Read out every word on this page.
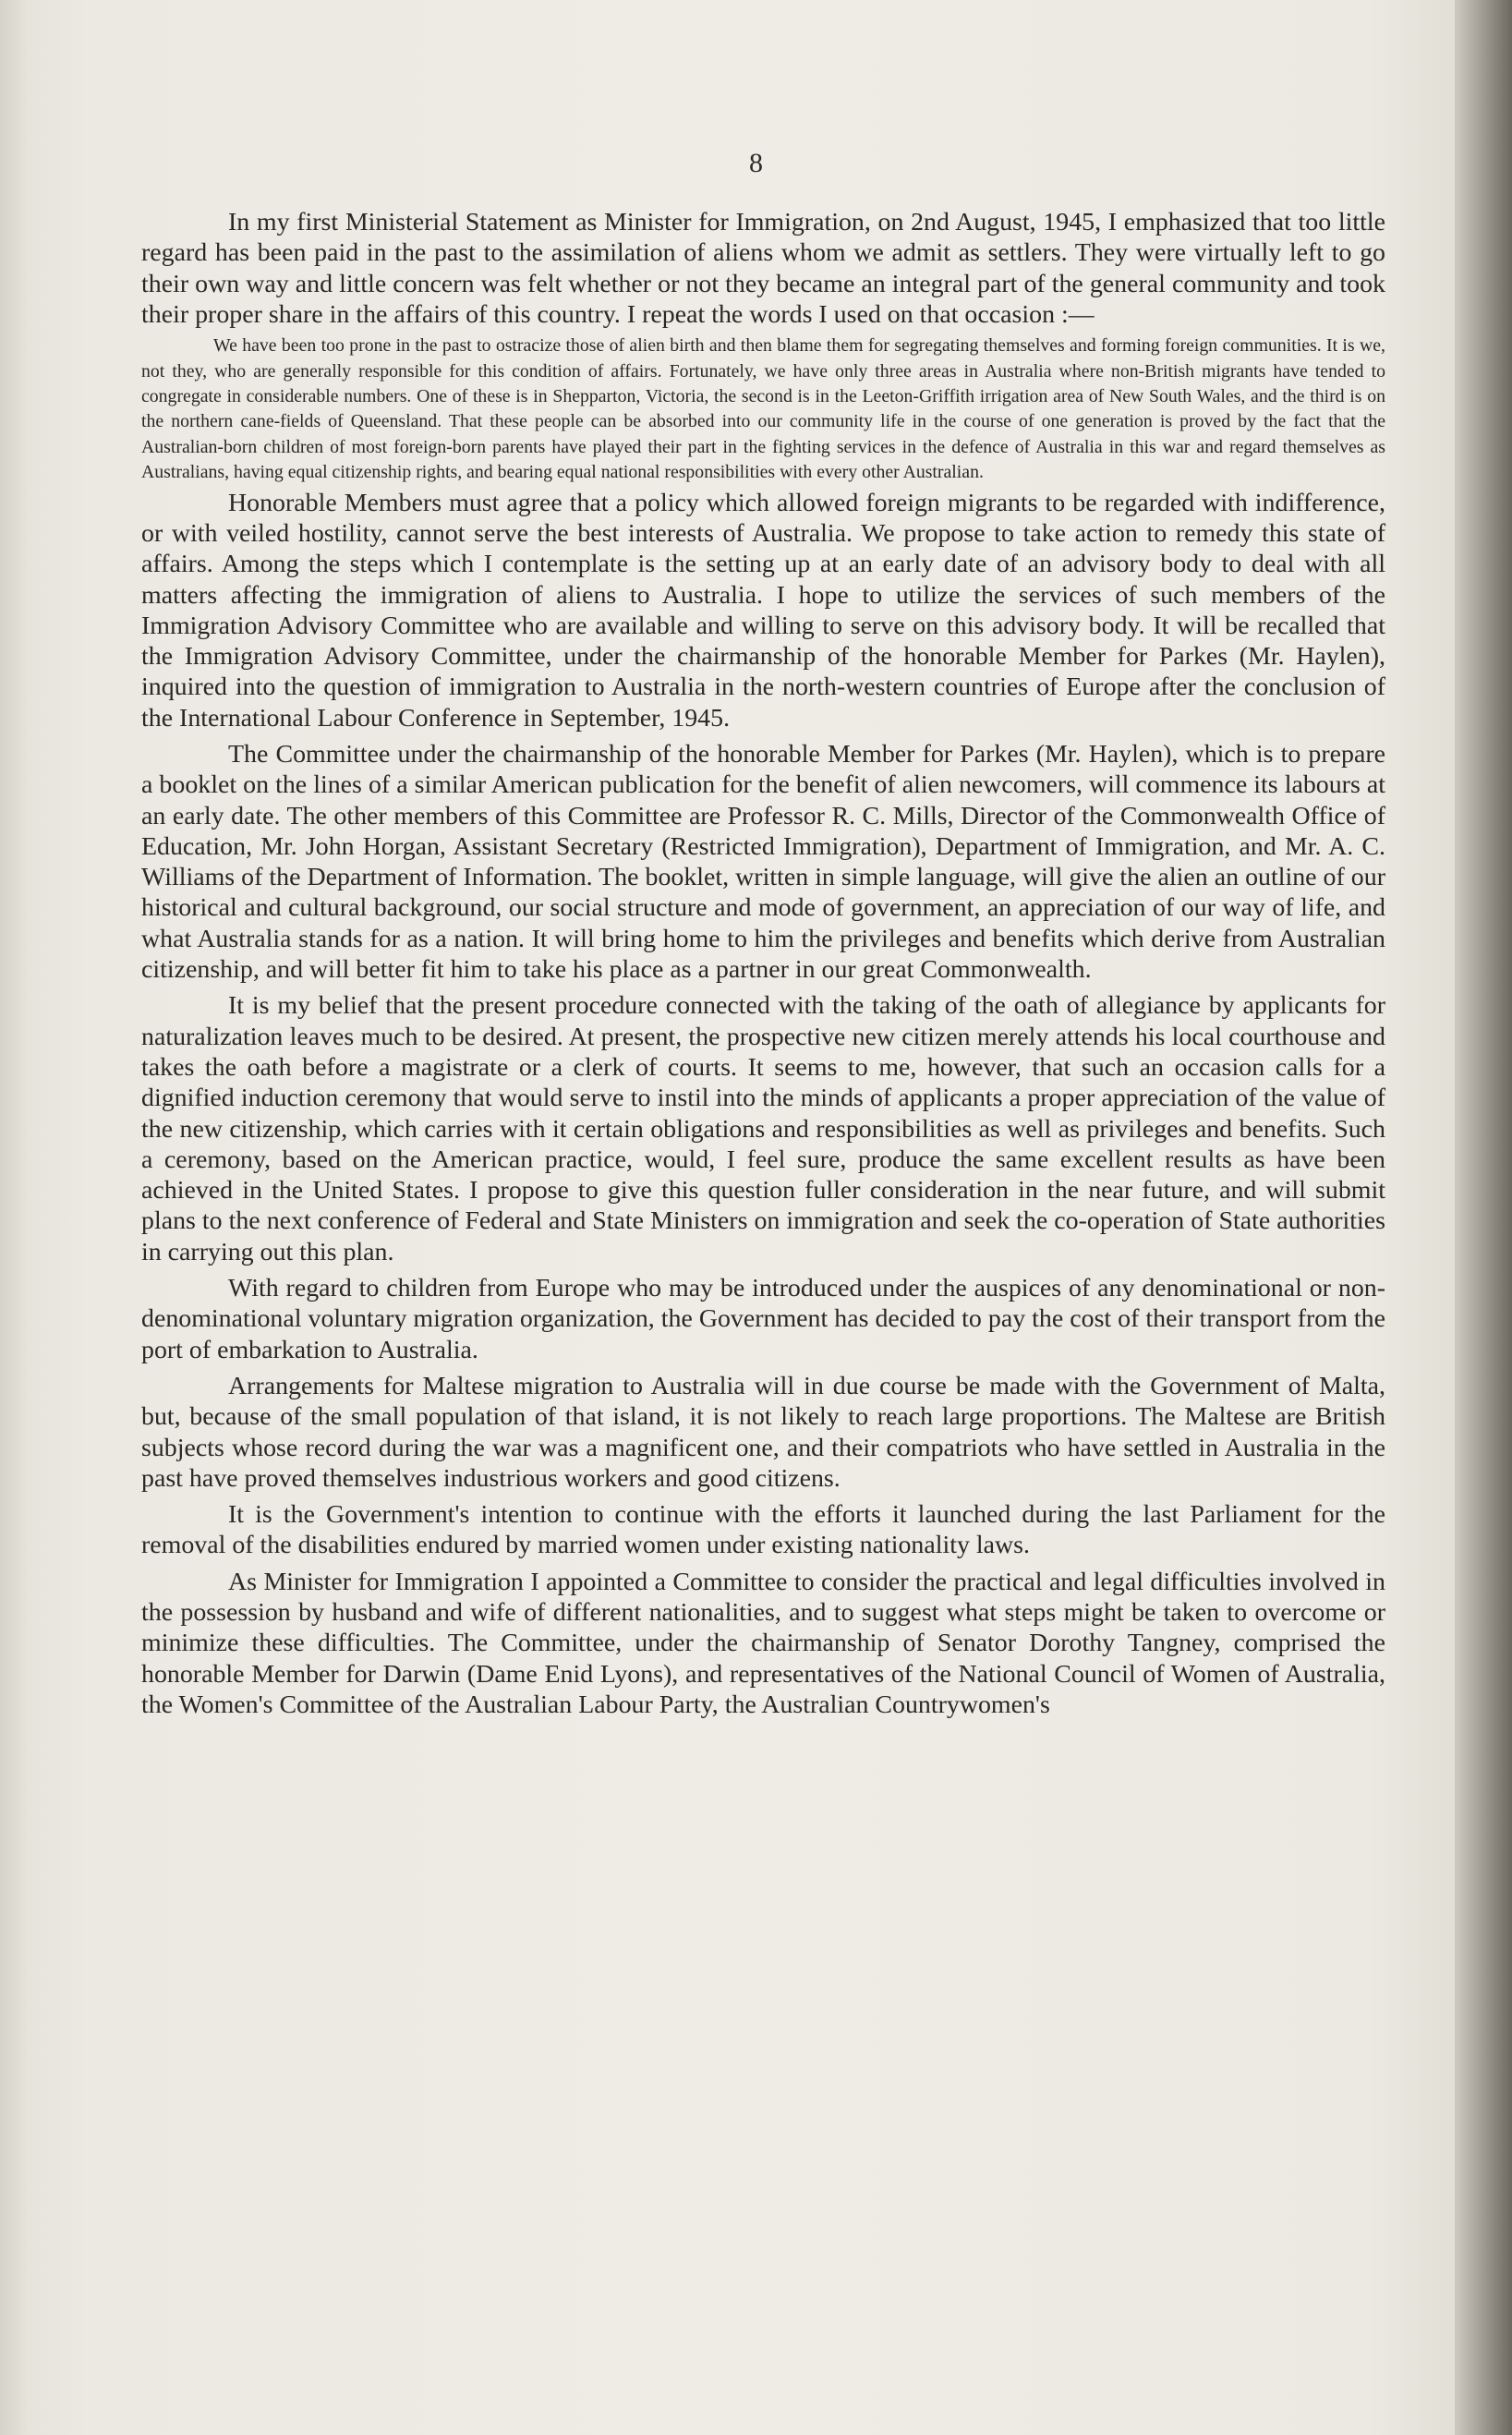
8

In my first Ministerial Statement as Minister for Immigration, on 2nd August, 1945, I emphasized that too little regard has been paid in the past to the assimilation of aliens whom we admit as settlers. They were virtually left to go their own way and little concern was felt whether or not they became an integral part of the general community and took their proper share in the affairs of this country. I repeat the words I used on that occasion :—

We have been too prone in the past to ostracize those of alien birth and then blame them for segregating themselves and forming foreign communities. It is we, not they, who are generally responsible for this condition of affairs. Fortunately, we have only three areas in Australia where non-British migrants have tended to congregate in considerable numbers. One of these is in Shepparton, Victoria, the second is in the Leeton-Griffith irrigation area of New South Wales, and the third is on the northern cane-fields of Queensland. That these people can be absorbed into our community life in the course of one generation is proved by the fact that the Australian-born children of most foreign-born parents have played their part in the fighting services in the defence of Australia in this war and regard themselves as Australians, having equal citizenship rights, and bearing equal national responsibilities with every other Australian.

Honorable Members must agree that a policy which allowed foreign migrants to be regarded with indifference, or with veiled hostility, cannot serve the best interests of Australia. We propose to take action to remedy this state of affairs. Among the steps which I contemplate is the setting up at an early date of an advisory body to deal with all matters affecting the immigration of aliens to Australia. I hope to utilize the services of such members of the Immigration Advisory Committee who are available and willing to serve on this advisory body. It will be recalled that the Immigration Advisory Committee, under the chairmanship of the honorable Member for Parkes (Mr. Haylen), inquired into the question of immigration to Australia in the north-western countries of Europe after the conclusion of the International Labour Conference in September, 1945.

The Committee under the chairmanship of the honorable Member for Parkes (Mr. Haylen), which is to prepare a booklet on the lines of a similar American publication for the benefit of alien newcomers, will commence its labours at an early date. The other members of this Committee are Professor R. C. Mills, Director of the Commonwealth Office of Education, Mr. John Horgan, Assistant Secretary (Restricted Immigration), Department of Immigration, and Mr. A. C. Williams of the Department of Information. The booklet, written in simple language, will give the alien an outline of our historical and cultural background, our social structure and mode of government, an appreciation of our way of life, and what Australia stands for as a nation. It will bring home to him the privileges and benefits which derive from Australian citizenship, and will better fit him to take his place as a partner in our great Commonwealth.

It is my belief that the present procedure connected with the taking of the oath of allegiance by applicants for naturalization leaves much to be desired. At present, the prospective new citizen merely attends his local courthouse and takes the oath before a magistrate or a clerk of courts. It seems to me, however, that such an occasion calls for a dignified induction ceremony that would serve to instil into the minds of applicants a proper appreciation of the value of the new citizenship, which carries with it certain obligations and responsibilities as well as privileges and benefits. Such a ceremony, based on the American practice, would, I feel sure, produce the same excellent results as have been achieved in the United States. I propose to give this question fuller consideration in the near future, and will submit plans to the next conference of Federal and State Ministers on immigration and seek the co-operation of State authorities in carrying out this plan.

With regard to children from Europe who may be introduced under the auspices of any denominational or non-denominational voluntary migration organization, the Government has decided to pay the cost of their transport from the port of embarkation to Australia.

Arrangements for Maltese migration to Australia will in due course be made with the Government of Malta, but, because of the small population of that island, it is not likely to reach large proportions. The Maltese are British subjects whose record during the war was a magnificent one, and their compatriots who have settled in Australia in the past have proved themselves industrious workers and good citizens.

It is the Government's intention to continue with the efforts it launched during the last Parliament for the removal of the disabilities endured by married women under existing nationality laws.

As Minister for Immigration I appointed a Committee to consider the practical and legal difficulties involved in the possession by husband and wife of different nationalities, and to suggest what steps might be taken to overcome or minimize these difficulties. The Committee, under the chairmanship of Senator Dorothy Tangney, comprised the honorable Member for Darwin (Dame Enid Lyons), and representatives of the National Council of Women of Australia, the Women's Committee of the Australian Labour Party, the Australian Countrywomen's
